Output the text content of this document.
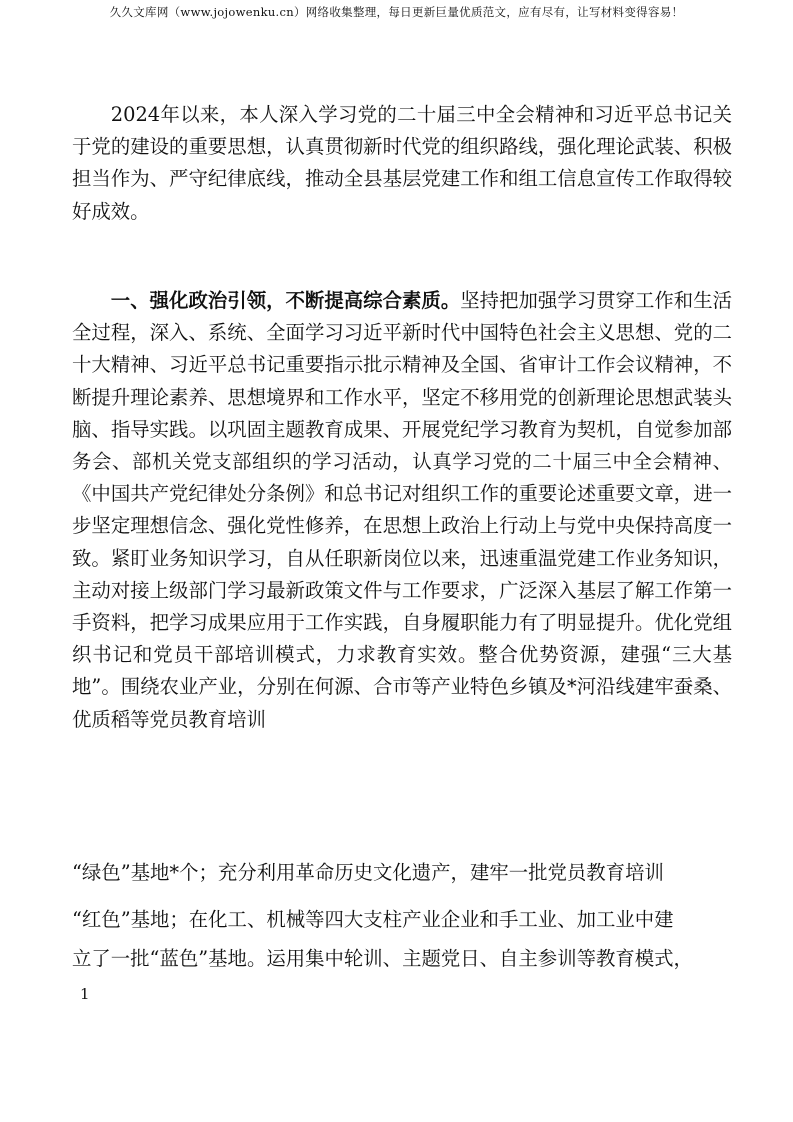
久久文库网（www.jojowenku.cn）网络收集整理，每日更新巨量优质范文，应有尽有，让写材料变得容易！

2024年以来，本人深入学习党的二十届三中全会精神和习近平总书记关于党的建设的重要思想，认真贯彻新时代党的组织路线，强化理论武装、积极担当作为、严守纪律底线，推动全县基层党建工作和组工信息宣传工作取得较好成效。

一、强化政治引领，不断提高综合素质。坚持把加强学习贯穿工作和生活全过程，深入、系统、全面学习习近平新时代中国特色社会主义思想、党的二十大精神、习近平总书记重要指示批示精神及全国、省审计工作会议精神，不断提升理论素养、思想境界和工作水平，坚定不移用党的创新理论思想武装头脑、指导实践。以巩固主题教育成果、开展党纪学习教育为契机，自觉参加部务会、部机关党支部组织的学习活动，认真学习党的二十届三中全会精神、《中国共产党纪律处分条例》和总书记对组织工作的重要论述重要文章，进一步坚定理想信念、强化党性修养，在思想上政治上行动上与党中央保持高度一致。紧盯业务知识学习，自从任职新岗位以来，迅速重温党建工作业务知识，主动对接上级部门学习最新政策文件与工作要求，广泛深入基层了解工作第一手资料，把学习成果应用于工作实践，自身履职能力有了明显提升。优化党组织书记和党员干部培训模式，力求教育实效。整合优势资源，建强“三大基地”。围绕农业产业，分别在何源、合市等产业特色乡镇及*河沿线建牢蚕桑、优质稻等党员教育培训

“绿色”基地*个；充分利用革命历史文化遗产，建牢一批党员教育培训

“红色”基地；在化工、机械等四大支柱产业企业和手工业、加工业中建

立了一批“蓝色”基地。运用集中轮训、主题党日、自主参训等教育模式，

1
